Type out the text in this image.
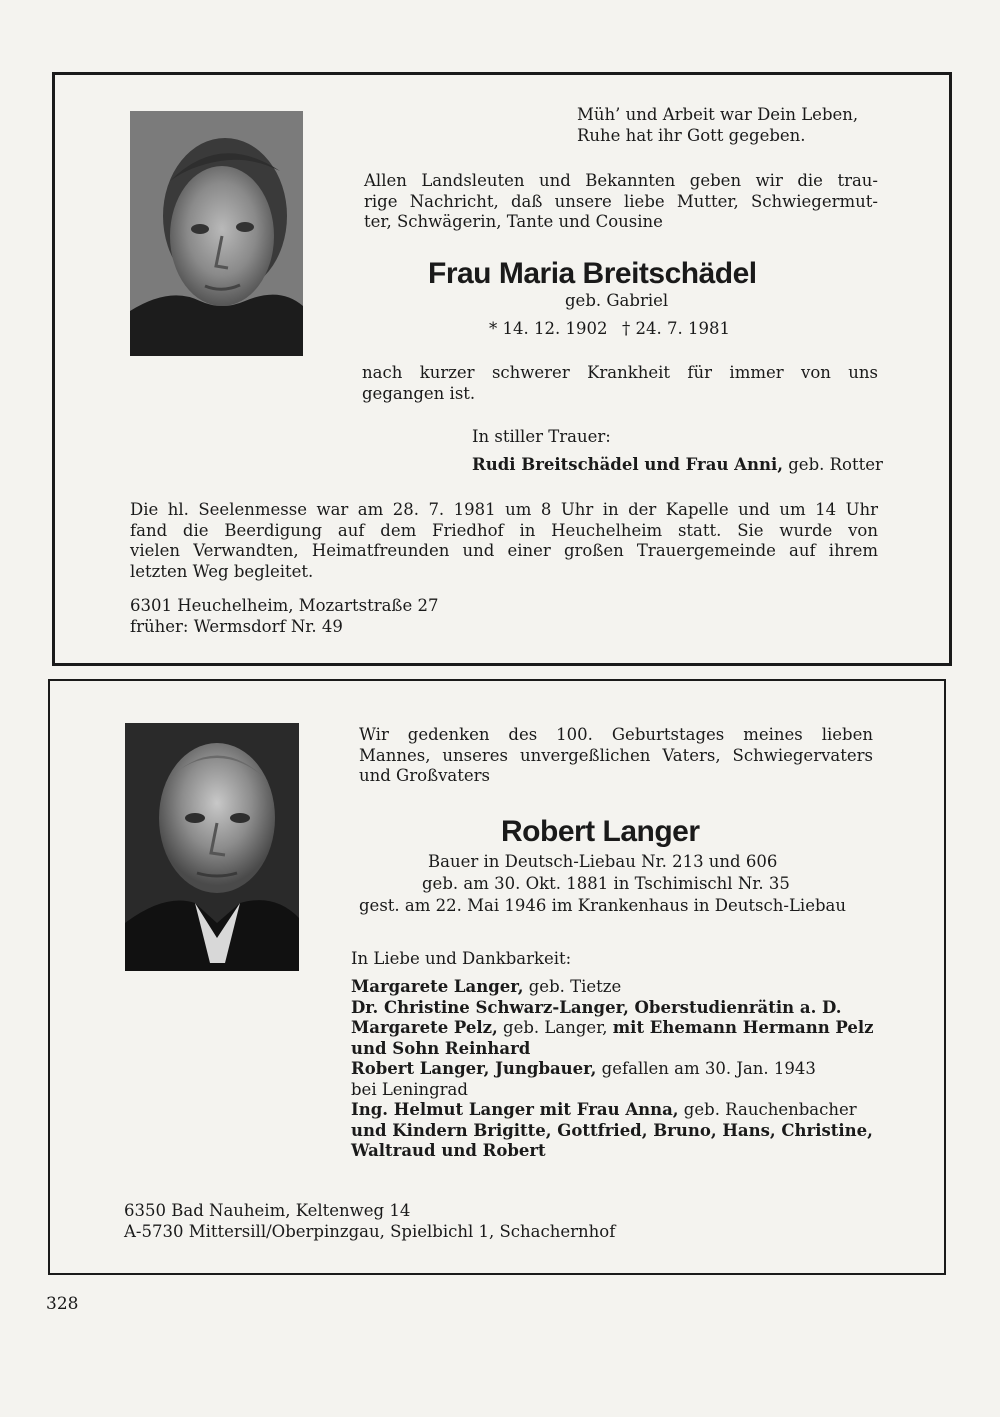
Müh’ und Arbeit war Dein Leben,
Ruhe hat ihr Gott gegeben.
Allen Landsleuten und Bekannten geben wir die trau-
rige Nachricht, daß unsere liebe Mutter, Schwiegermut-
ter, Schwägerin, Tante und Cousine
Frau Maria Breitschädel
geb. Gabriel
* 14. 12. 1902 † 24. 7. 1981
nach kurzer schwerer Krankheit für immer von uns
gegangen ist.
In stiller Trauer:
Rudi Breitschädel und Frau Anni, geb. Rotter
Die hl. Seelenmesse war am 28. 7. 1981 um 8 Uhr in der Kapelle und um 14 Uhr
fand die Beerdigung auf dem Friedhof in Heuchelheim statt. Sie wurde von
vielen Verwandten, Heimatfreunden und einer großen Trauergemeinde auf ihrem
letzten Weg begleitet.
6301 Heuchelheim, Mozartstraße 27
früher: Wermsdorf Nr. 49
Wir gedenken des 100. Geburtstages meines lieben
Mannes, unseres unvergeßlichen Vaters, Schwiegervaters
und Großvaters
Robert Langer
Bauer in Deutsch-Liebau Nr. 213 und 606
geb. am 30. Okt. 1881 in Tschimischl Nr. 35
gest. am 22. Mai 1946 im Krankenhaus in Deutsch-Liebau
In Liebe und Dankbarkeit:
Margarete Langer, geb. Tietze
Dr. Christine Schwarz-Langer, Oberstudienrätin a. D.
Margarete Pelz, geb. Langer, mit Ehemann Hermann Pelz
und Sohn Reinhard
Robert Langer, Jungbauer, gefallen am 30. Jan. 1943
bei Leningrad
Ing. Helmut Langer mit Frau Anna, geb. Rauchenbacher
und Kindern Brigitte, Gottfried, Bruno, Hans, Christine,
Waltraud und Robert
6350 Bad Nauheim, Keltenweg 14
A-5730 Mittersill/Oberpinzgau, Spielbichl 1, Schachernhof
328
